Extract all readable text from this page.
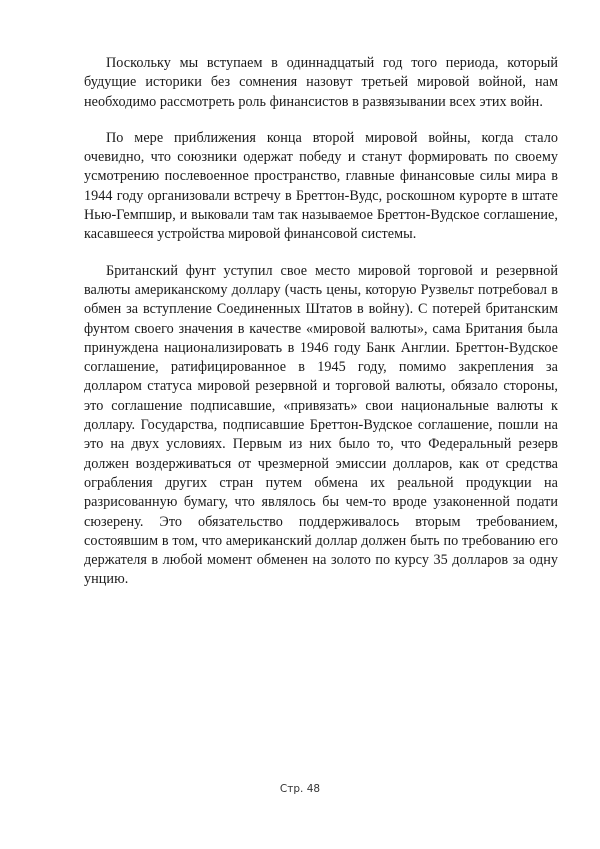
Поскольку мы вступаем в одиннадцатый год того периода, который будущие историки без сомнения назовут третьей мировой войной, нам необходимо рассмотреть роль финансистов в развязывании всех этих войн.

По мере приближения конца второй мировой войны, когда стало очевидно, что союзники одержат победу и станут формировать по своему усмотрению послевоенное пространство, главные финансовые силы мира в 1944 году организовали встречу в Бреттон-Вудс, роскошном курорте в штате Нью-Гемпшир, и выковали там так называемое Бреттон-Вудское соглашение, касавшееся устройства мировой финансовой системы.

Британский фунт уступил свое место мировой торговой и резервной валюты американскому доллару (часть цены, которую Рузвельт потребовал в обмен за вступление Соединенных Штатов в войну). С потерей британским фунтом своего значения в качестве «мировой валюты», сама Британия была принуждена национализировать в 1946 году Банк Англии. Бреттон-Вудское соглашение, ратифицированное в 1945 году, помимо закрепления за долларом статуса мировой резервной и торговой валюты, обязало стороны, это соглашение подписавшие, «привязать» свои национальные валюты к доллару. Государства, подписавшие Бреттон-Вудское соглашение, пошли на это на двух условиях. Первым из них было то, что Федеральный резерв должен воздерживаться от чрезмерной эмиссии долларов, как от средства ограбления других стран путем обмена их реальной продукции на разрисованную бумагу, что являлось бы чем-то вроде узаконенной подати сюзерену. Это обязательство поддерживалось вторым требованием, состоявшим в том, что американский доллар должен быть по требованию его держателя в любой момент обменен на золото по курсу 35 долларов за одну унцию.

Стр. 48
